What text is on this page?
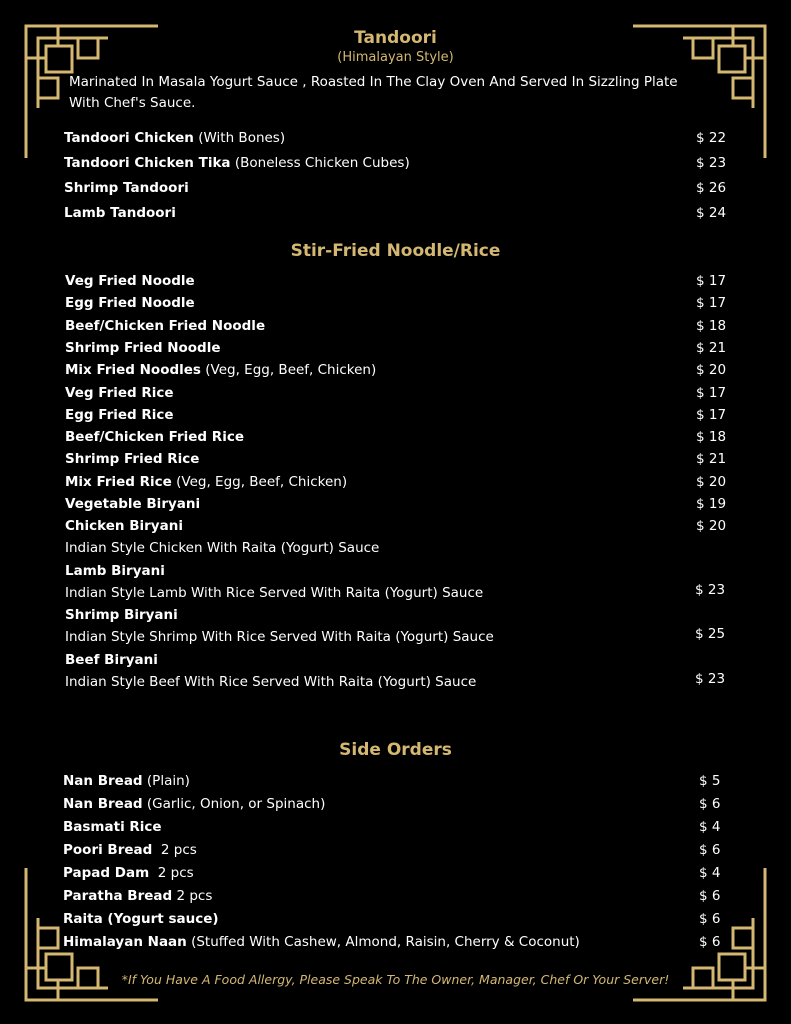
Tandoori
(Himalayan Style)
Marinated In Masala Yogurt Sauce , Roasted In The Clay Oven And Served In Sizzling Plate
With Chef's Sauce.
Tandoori Chicken (With Bones)	$ 22
Tandoori Chicken Tika (Boneless Chicken Cubes)	$ 23
Shrimp Tandoori	$ 26
Lamb Tandoori	$ 24
Stir-Fried Noodle/Rice
Veg Fried Noodle	$ 17
Egg Fried Noodle	$ 17
Beef/Chicken Fried Noodle	$ 18
Shrimp Fried Noodle	$ 21
Mix Fried Noodles (Veg, Egg, Beef, Chicken)	$ 20
Veg Fried Rice	$ 17
Egg Fried Rice	$ 17
Beef/Chicken Fried Rice	$ 18
Shrimp Fried Rice	$ 21
Mix Fried Rice (Veg, Egg, Beef, Chicken)	$ 20
Vegetable Biryani	$ 19
Chicken Biryani	$ 20
Indian Style Chicken With Raita (Yogurt) Sauce
Lamb Biryani
Indian Style Lamb With Rice Served With Raita (Yogurt) Sauce	$ 23
Shrimp Biryani
Indian Style Shrimp With Rice Served With Raita (Yogurt) Sauce	$ 25
Beef Biryani
Indian Style Beef With Rice Served With Raita (Yogurt) Sauce	$ 23
Side Orders
Nan Bread (Plain)	$ 5
Nan Bread (Garlic, Onion, or Spinach)	$ 6
Basmati Rice	$ 4
Poori Bread  2 pcs	$ 6
Papad Dam  2 pcs	$ 4
Paratha Bread 2 pcs	$ 6
Raita (Yogurt sauce)	$ 6
Himalayan Naan (Stuffed With Cashew, Almond, Raisin, Cherry & Coconut)	$ 6
*If You Have A Food Allergy, Please Speak To The Owner, Manager, Chef Or Your Server!
